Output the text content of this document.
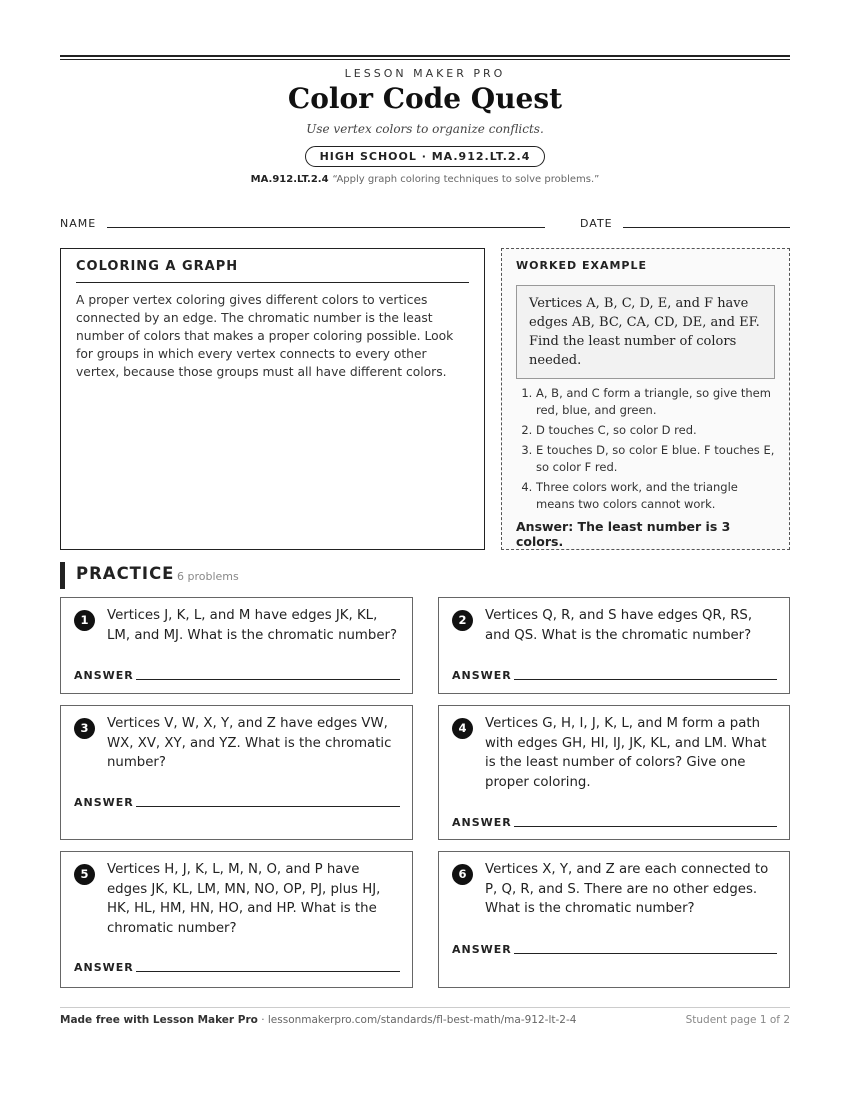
LESSON MAKER PRO
Color Code Quest
Use vertex colors to organize conflicts.
HIGH SCHOOL · MA.912.LT.2.4
MA.912.LT.2.4 “Apply graph coloring techniques to solve problems.”
NAME	DATE
COLORING A GRAPH

A proper vertex coloring gives different colors to vertices connected by an edge. The chromatic number is the least number of colors that makes a proper coloring possible. Look for groups in which every vertex connects to every other vertex, because those groups must all have different colors.

WORKED EXAMPLE
Vertices A, B, C, D, E, and F have edges AB, BC, CA, CD, DE, and EF. Find the least number of colors needed.
1. A, B, and C form a triangle, so give them red, blue, and green.
2. D touches C, so color D red.
3. E touches D, so color E blue. F touches E, so color F red.
4. Three colors work, and the triangle means two colors cannot work.
Answer: The least number is 3 colors.
PRACTICE 6 problems
1	Vertices J, K, L, and M have edges JK, KL, LM, and MJ. What is the chromatic number?
ANSWER
2	Vertices Q, R, and S have edges QR, RS, and QS. What is the chromatic number?
ANSWER
3	Vertices V, W, X, Y, and Z have edges VW, WX, XV, XY, and YZ. What is the chromatic number?
ANSWER
4	Vertices G, H, I, J, K, L, and M form a path with edges GH, HI, IJ, JK, KL, and LM. What is the least number of colors? Give one proper coloring.
ANSWER
5	Vertices H, J, K, L, M, N, O, and P have edges JK, KL, LM, MN, NO, OP, PJ, plus HJ, HK, HL, HM, HN, HO, and HP. What is the chromatic number?
ANSWER
6	Vertices X, Y, and Z are each connected to P, Q, R, and S. There are no other edges. What is the chromatic number?
ANSWER
Made free with Lesson Maker Pro · lessonmakerpro.com/standards/fl-best-math/ma-912-lt-2-4	Student page 1 of 2
